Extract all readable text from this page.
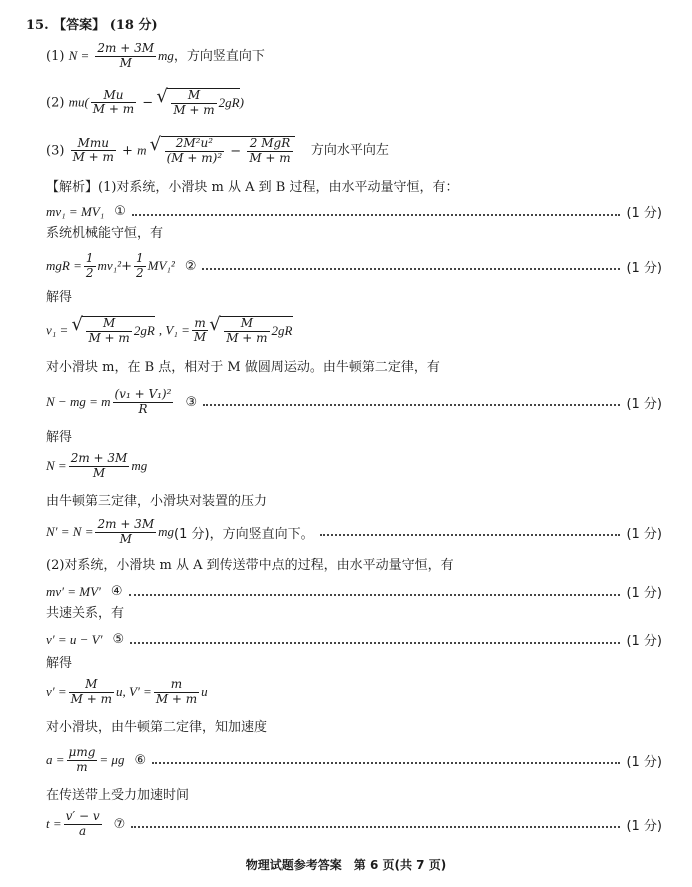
15. 【答案】 (18 分)
(1) $N = \frac{2m + 3M}{M}$ mg，方向竖直向下
(2) $mu( \frac{Mu}{M + m}$ − √ $\frac{M}{M + m} 2gR$)
$(3) \frac{\text{Mmu}}{M + m} + m$ √ $\frac{\text{2M²u²}}{\text{(M + m)²}} - \frac{\text{2 MgR}}{M + m}$ 方向水平向左
【解析】(1)对系统，小滑块 m 从 A 到 B 过程，由水平动量守恒，有：
mv₁ = MV₁ ①	(1 分)
系统机械能守恒，有
mgR = $\frac{1}{2} mv_1^2 + \frac{1}{2} MV_1^2$ ②	(1 分)
解得
v₁ = √ $\frac{M}{M + m} 2gR$ , $V_1 = \frac{m}{M}$ √ $\frac{M}{M + m} 2gR$
对小滑块 m，在 B 点，相对于 M 做圆周运动。由牛顿第二定律，有
N − mg = m $\frac{\text{(v₁ + V₁)²}}{R}$ ③	(1 分)
解得
$N = \frac{2m + 3M}{M}$ mg
由牛顿第三定律，小滑块对装置的压力
$N' = N = \frac{2m + 3M}{M}$ mg (1 分) ，方向竖直向下。	(1 分)
(2)对系统，小滑块 m 从 A 到传送带中点的过程，由水平动量守恒，有
mv′ = MV′ ④	(1 分)
共速关系，有
v′ = u − V′ ⑤	(1 分)
解得
$v' = \frac{M}{M + m} u$, $V' = \frac{m}{M + m}$ u
对小滑块，由牛顿第二定律，知加速度
$a = \frac{\text{μmg}}{m} = \mu g$ ⑥	(1 分)
在传送带上受力加速时间
$t = \frac{v' - v}{a}$ ⑦	(1 分)
物理试题参考答案　第 6 页(共 7 页)
